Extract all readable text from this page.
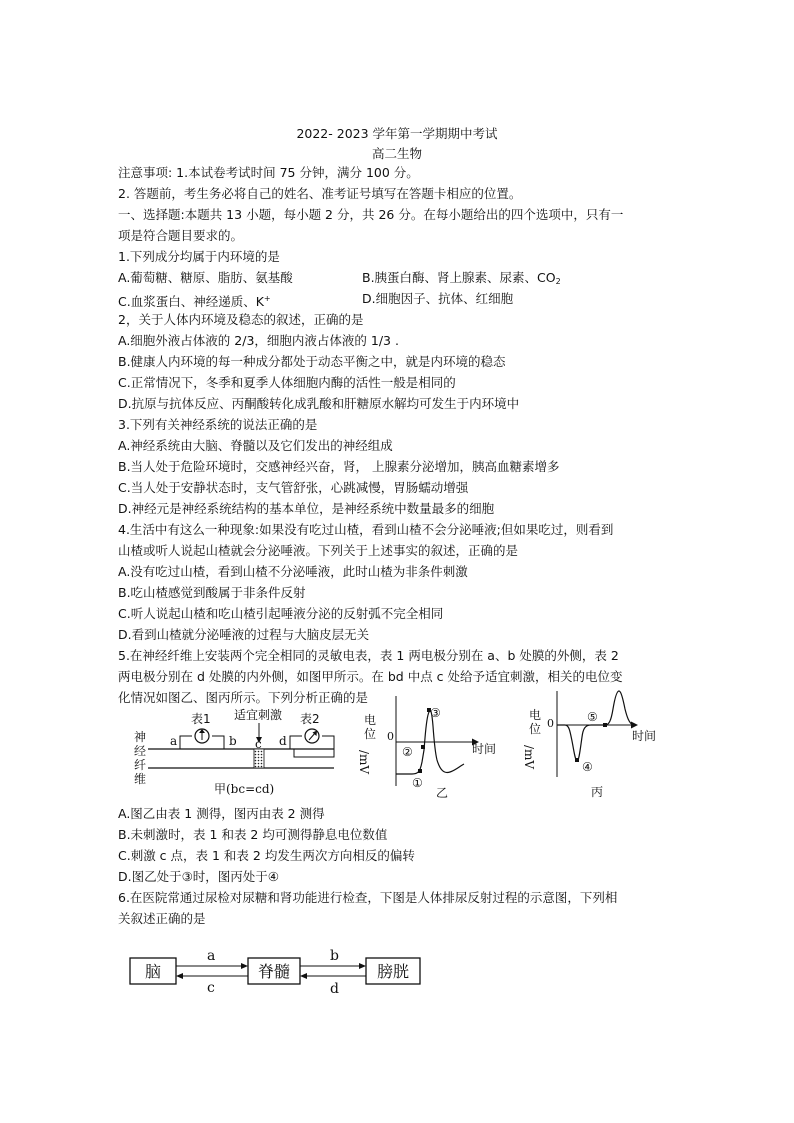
2022- 2023 学年第一学期期中考试
高二生物
注意事项: 1.本试卷考试时间 75 分钟，满分 100 分。
2. 答题前，考生务必将自己的姓名、准考证号填写在答题卡相应的位置。
一、选择题:本题共 13 小题，每小题 2 分，共 26 分。在每小题给出的四个选项中，只有一
项是符合题目要求的。
1.下列成分均属于内环境的是
A.葡萄糖、糖原、脂肪、氨基酸	B.胰蛋白酶、肾上腺素、尿素、$CO_2$
C.血浆蛋白、神经递质、K+	D.细胞因子、抗体、红细胞
2，关于人体内环境及稳态的叙述，正确的是
A.细胞外液占体液的 2/3，细胞内液占体液的 1/3 .
B.健康人内环境的每一种成分都处于动态平衡之中，就是内环境的稳态
C.正常情况下，冬季和夏季人体细胞内酶的活性一般是相同的
D.抗原与抗体反应、丙酮酸转化成乳酸和肝糖原水解均可发生于内环境中
3.下列有关神经系统的说法正确的是
A.神经系统由大脑、脊髓以及它们发出的神经组成
B.当人处于危险环境时，交感神经兴奋，肾， 上腺素分泌增加，胰高血糖素增多
C.当人处于安静状态时，支气管舒张，心跳减慢，胃肠蠕动增强
D.神经元是神经系统结构的基本单位，是神经系统中数量最多的细胞
4.生活中有这么一种现象:如果没有吃过山楂，看到山楂不会分泌唾液;但如果吃过，则看到
山楂或听人说起山楂就会分泌唾液。下列关于上述事实的叙述，正确的是
A.没有吃过山楂，看到山楂不分泌唾液，此时山楂为非条件刺激
B.吃山楂感觉到酸属于非条件反射
C.听人说起山楂和吃山楂引起唾液分泌的反射弧不完全相同
D.看到山楂就分泌唾液的过程与大脑皮层无关
5.在神经纤维上安装两个完全相同的灵敏电表，表 1 两电极分别在 a、b 处膜的外侧，表 2
两电极分别在 d 处膜的内外侧，如图甲所示。在 bd 中点 c 处给予适宜刺激，相关的电位变
化情况如图乙、图丙所示。下列分析正确的是
神
经
纤
维
表1
a	b
适宜刺激
c
表2
d
甲(bc=cd)
电
位
/mV
0
时间
①
②
③
乙
电
位
/mV
0
时间
④
⑤
丙
A.图乙由表 1 测得，图丙由表 2 测得
B.未刺激时，表 1 和表 2 均可测得静息电位数值
C.刺激 c 点，表 1 和表 2 均发生两次方向相反的偏转
D.图乙处于③时，图丙处于④
6.在医院常通过尿检对尿糖和肾功能进行检查，下图是人体排尿反射过程的示意图，下列相
关叙述正确的是
脑	脊髓	膀胱
a
c
b
d
